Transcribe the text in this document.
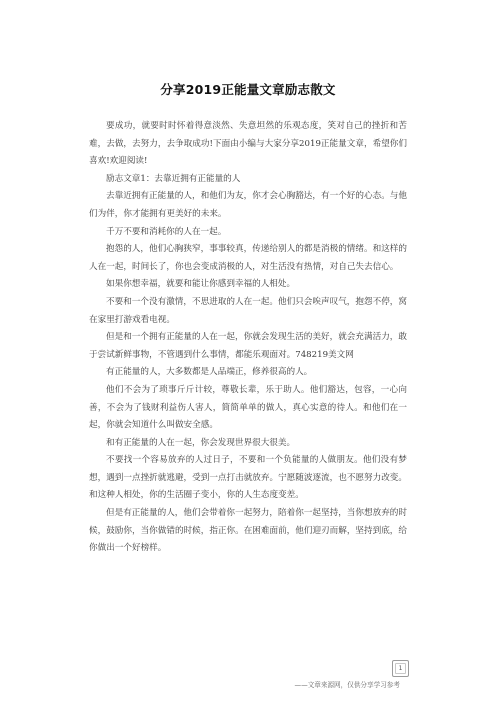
分享2019正能量文章励志散文

要成功，就要时时怀着得意淡然、失意坦然的乐观态度，笑对自己的挫折和苦难，去做，去努力，去争取成功!下面由小编与大家分享2019正能量文章，希望你们喜欢!欢迎阅读!

励志文章1：去靠近拥有正能量的人

去靠近拥有正能量的人，和他们为友，你才会心胸豁达，有一个好的心态。与他们为伴，你才能拥有更美好的未来。

千万不要和消耗你的人在一起。

抱怨的人，他们心胸狭窄，事事较真，传递给别人的都是消极的情绪。和这样的人在一起，时间长了，你也会变成消极的人，对生活没有热情，对自己失去信心。

如果你想幸福，就要和能让你感到幸福的人相处。

不要和一个没有激情，不思进取的人在一起。他们只会唉声叹气，抱怨不停，窝在家里打游戏看电视。

但是和一个拥有正能量的人在一起，你就会发现生活的美好，就会充满活力，敢于尝试新鲜事物，不管遇到什么事情，都能乐观面对。748219美文网

有正能量的人，大多数都是人品端正，修养很高的人。

他们不会为了琐事斤斤计较，尊敬长辈，乐于助人。他们豁达，包容，一心向善，不会为了钱财利益伤人害人，简简单单的做人，真心实意的待人。和他们在一起，你就会知道什么叫做安全感。

和有正能量的人在一起，你会发现世界很大很美。

不要找一个容易放弃的人过日子，不要和一个负能量的人做朋友。他们没有梦想，遇到一点挫折就逃避，受到一点打击就放弃。宁愿随波逐流，也不愿努力改变。和这种人相处，你的生活圈子变小，你的人生态度变差。

但是有正能量的人，他们会带着你一起努力，陪着你一起坚持，当你想放弃的时候，鼓励你，当你做错的时候，指正你。在困难面前，他们迎刃而解，坚持到底，给你做出一个好榜样。

1
——文章来源网，仅供分享学习参考
